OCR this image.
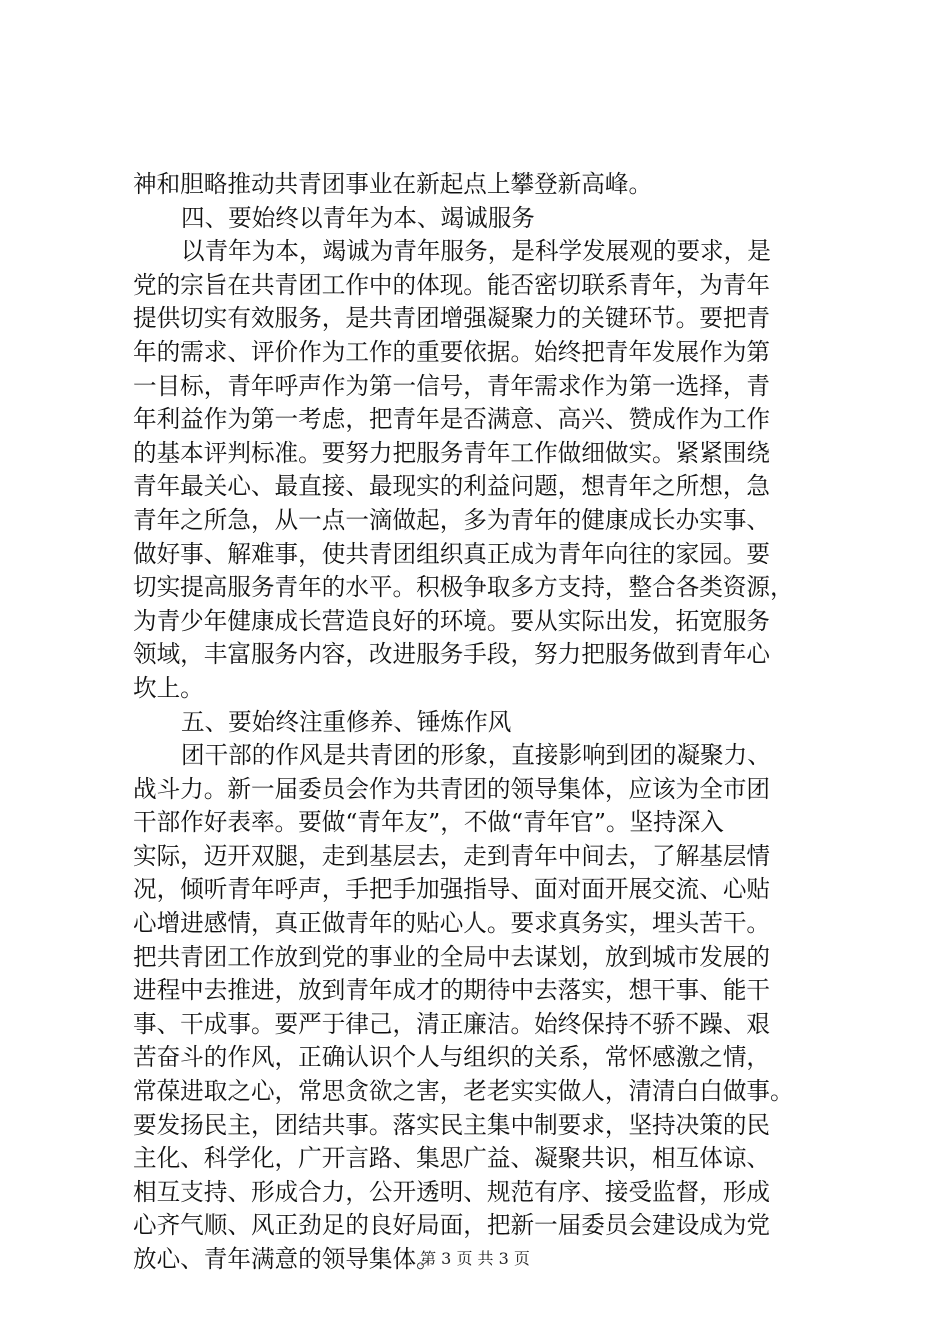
神和胆略推动共青团事业在新起点上攀登新高峰。
四、要始终以青年为本、竭诚服务
以青年为本，竭诚为青年服务，是科学发展观的要求，是
党的宗旨在共青团工作中的体现。能否密切联系青年，为青年
提供切实有效服务，是共青团增强凝聚力的关键环节。要把青
年的需求、评价作为工作的重要依据。始终把青年发展作为第
一目标，青年呼声作为第一信号，青年需求作为第一选择，青
年利益作为第一考虑，把青年是否满意、高兴、赞成作为工作
的基本评判标准。要努力把服务青年工作做细做实。紧紧围绕
青年最关心、最直接、最现实的利益问题，想青年之所想，急
青年之所急，从一点一滴做起，多为青年的健康成长办实事、
做好事、解难事，使共青团组织真正成为青年向往的家园。要
切实提高服务青年的水平。积极争取多方支持，整合各类资源，
为青少年健康成长营造良好的环境。要从实际出发，拓宽服务
领域，丰富服务内容，改进服务手段，努力把服务做到青年心
坎上。
五、要始终注重修养、锤炼作风
团干部的作风是共青团的形象，直接影响到团的凝聚力、
战斗力。新一届委员会作为共青团的领导集体，应该为全市团
干部作好表率。要做“青年友”，不做“青年官”。坚持深入
实际，迈开双腿，走到基层去，走到青年中间去，了解基层情
况，倾听青年呼声，手把手加强指导、面对面开展交流、心贴
心增进感情，真正做青年的贴心人。要求真务实，埋头苦干。
把共青团工作放到党的事业的全局中去谋划，放到城市发展的
进程中去推进，放到青年成才的期待中去落实，想干事、能干
事、干成事。要严于律己，清正廉洁。始终保持不骄不躁、艰
苦奋斗的作风，正确认识个人与组织的关系，常怀感激之情，
常葆进取之心，常思贪欲之害，老老实实做人，清清白白做事。
要发扬民主，团结共事。落实民主集中制要求，坚持决策的民
主化、科学化，广开言路、集思广益、凝聚共识，相互体谅、
相互支持、形成合力，公开透明、规范有序、接受监督，形成
心齐气顺、风正劲足的良好局面，把新一届委员会建设成为党
放心、青年满意的领导集体。
第 3 页 共 3 页
